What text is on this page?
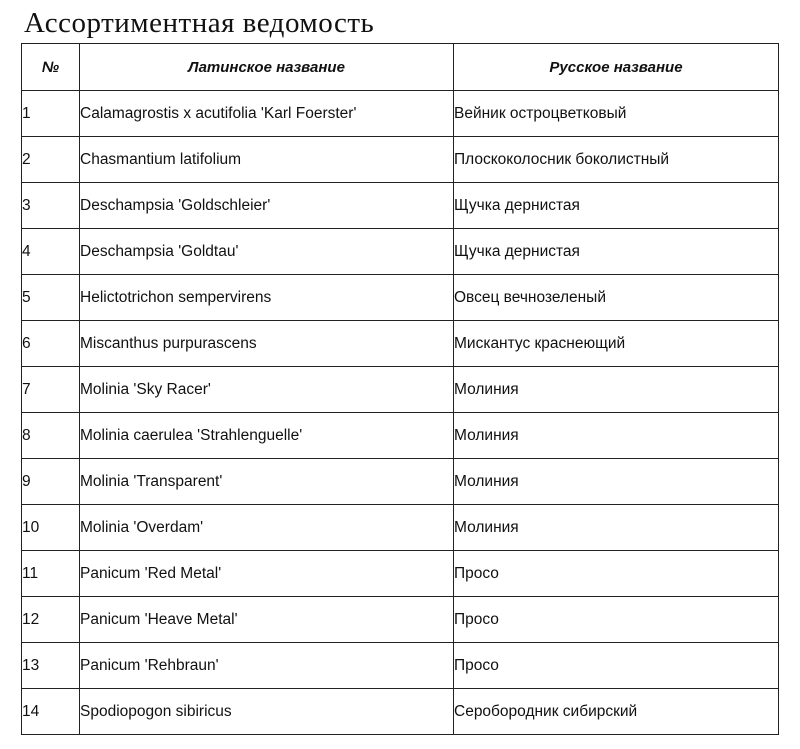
Ассортиментная ведомость
№	Латинское название	Русское название
1	Calamagrostis x acutifolia 'Karl Foerster'	Вейник остроцветковый
2	Chasmantium latifolium	Плоскоколосник боколистный
3	Deschampsia 'Goldschleier'	Щучка дернистая
4	Deschampsia 'Goldtau'	Щучка дернистая
5	Helictotrichon sempervirens	Овсец вечнозеленый
6	Miscanthus purpurascens	Мискантус краснеющий
7	Molinia 'Sky Racer'	Молиния
8	Molinia caerulea 'Strahlenguelle'	Молиния
9	Molinia 'Transparent'	Молиния
10	Molinia 'Overdam'	Молиния
11	Panicum 'Red Metal'	Просо
12	Panicum 'Heave Metal'	Просо
13	Panicum 'Rehbraun'	Просо
14	Spodiopogon sibiricus	Серобородник сибирский
